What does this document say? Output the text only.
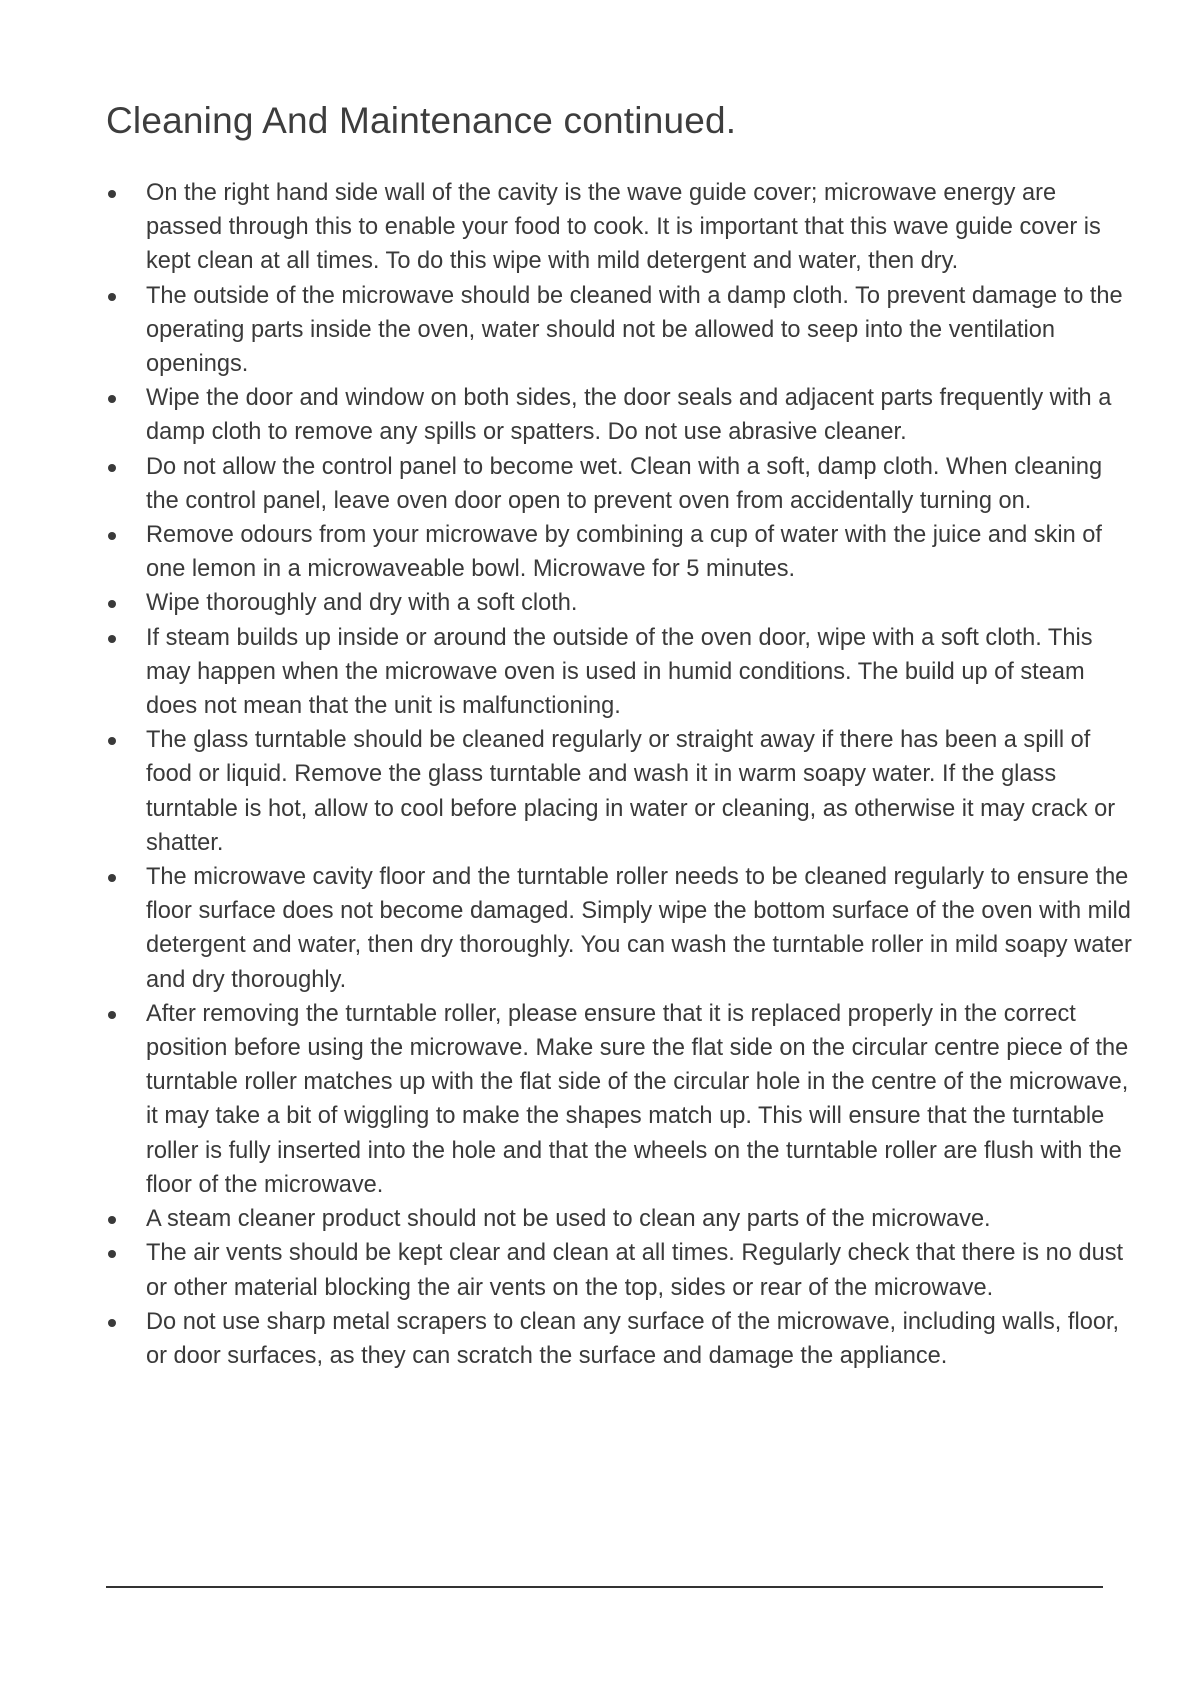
Cleaning And Maintenance continued.
On the right hand side wall of the cavity is the wave guide cover; microwave energy are passed through this to enable your food to cook. It is important that this wave guide cover is kept clean at all times. To do this wipe with mild detergent and water, then dry.
The outside of the microwave should be cleaned with a damp cloth. To prevent damage to the operating parts inside the oven, water should not be allowed to seep into the ventilation openings.
Wipe the door and window on both sides, the door seals and adjacent parts frequently with a damp cloth to remove any spills or spatters. Do not use abrasive cleaner.
Do not allow the control panel to become wet. Clean with a soft, damp cloth. When cleaning the control panel, leave oven door open to prevent oven from accidentally turning on.
Remove odours from your microwave by combining a cup of water with the juice and skin of one lemon in a microwaveable bowl. Microwave for 5 minutes.
Wipe thoroughly and dry with a soft cloth.
If steam builds up inside or around the outside of the oven door, wipe with a soft cloth. This may happen when the microwave oven is used in humid conditions. The build up of steam does not mean that the unit is malfunctioning.
The glass turntable should be cleaned regularly or straight away if there has been a spill of food or liquid. Remove the glass turntable and wash it in warm soapy water. If the glass turntable is hot, allow to cool before placing in water or cleaning, as otherwise it may crack or shatter.
The microwave cavity floor and the turntable roller needs to be cleaned regularly to ensure the floor surface does not become damaged. Simply wipe the bottom surface of the oven with mild detergent and water, then dry thoroughly. You can wash the turntable roller in mild soapy water and dry thoroughly.
After removing the turntable roller, please ensure that it is replaced properly in the correct position before using the microwave. Make sure the flat side on the circular centre piece of the turntable roller matches up with the flat side of the circular hole in the centre of the microwave, it may take a bit of wiggling to make the shapes match up. This will ensure that the turntable roller is fully inserted into the hole and that the wheels on the turntable roller are flush with the floor of the microwave.
A steam cleaner product should not be used to clean any parts of the microwave.
The air vents should be kept clear and clean at all times. Regularly check that there is no dust or other material blocking the air vents on the top, sides or rear of the microwave.
Do not use sharp metal scrapers to clean any surface of the microwave, including walls, floor, or door surfaces, as they can scratch the surface and damage the appliance.
